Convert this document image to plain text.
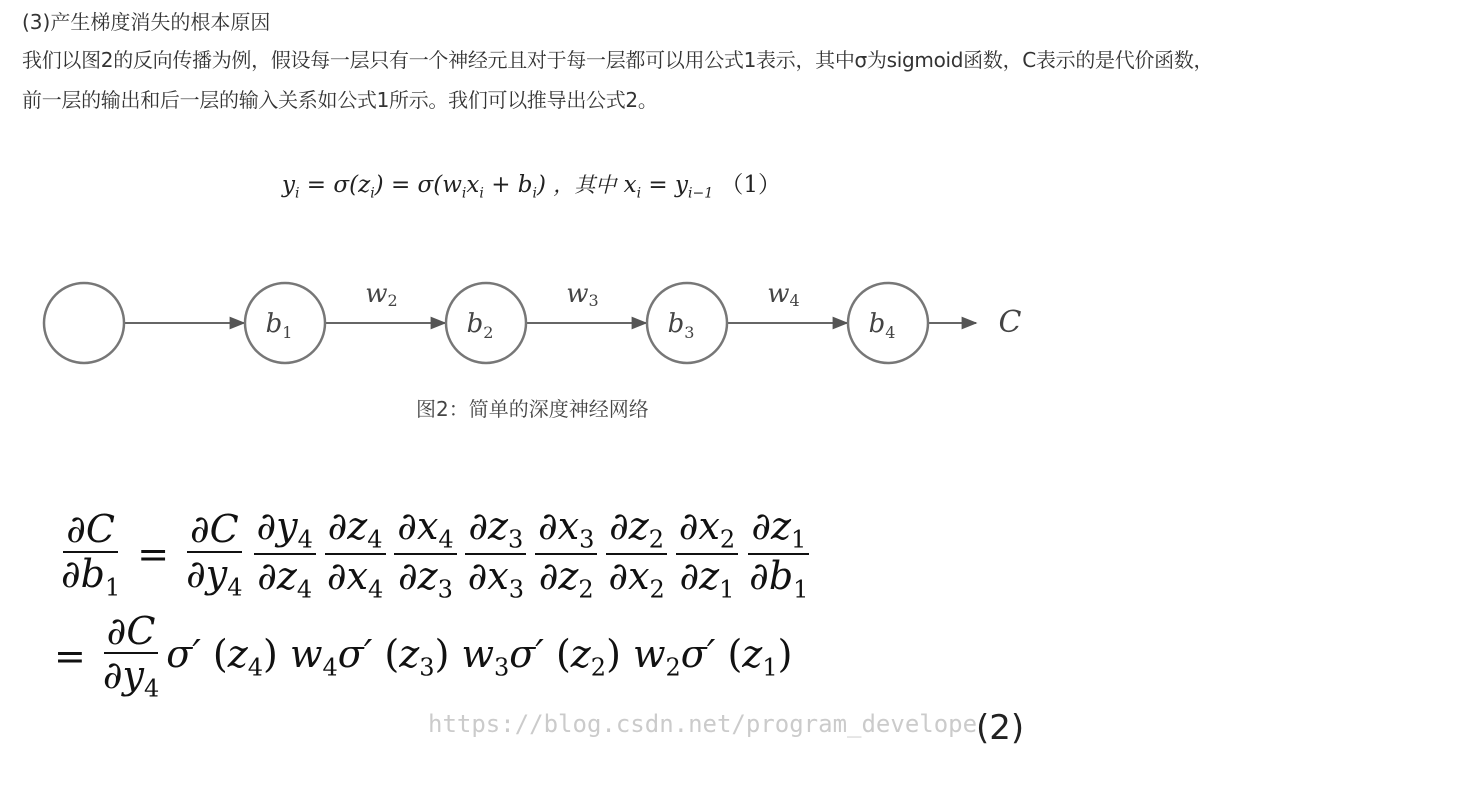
(3)产生梯度消失的根本原因
我们以图2的反向传播为例，假设每一层只有一个神经元且对于每一层都可以用公式1表示，其中σ为sigmoid函数，C表示的是代价函数，
前一层的输出和后一层的输入关系如公式1所示。我们可以推导出公式2。
$y_i = \sigma(z_i) = \sigma(w_ix_i + b_i)$ ，其中 $x_i = y_{i-1}$ （1）
$b_1$	$b_2$	$b_3$	$b_4$
w2	w3	w4
C
图2：简单的深度神经网络
$\frac{\partial C}{\partial b_1} = \frac{\partial C}{\partial y_4} \frac{\partial y_4}{\partial z_4} \frac{\partial z_4}{\partial x_4} \frac{\partial x_4}{\partial z_3} \frac{\partial z_3}{\partial x_3} \frac{\partial x_3}{\partial z_2} \frac{\partial z_2}{\partial x_2} \frac{\partial x_2}{\partial z_1} \frac{\partial z_1}{\partial b_1}$
= $\frac{\partial C}{\partial y_4} \sigma'$ $(z_4)$ $w_4\sigma'$ $(z_3)$ $w_3\sigma'$ $(z_2)$ $w_2\sigma'$ $(z_1)$
https://blog.csdn.net/program_develope
(2)
